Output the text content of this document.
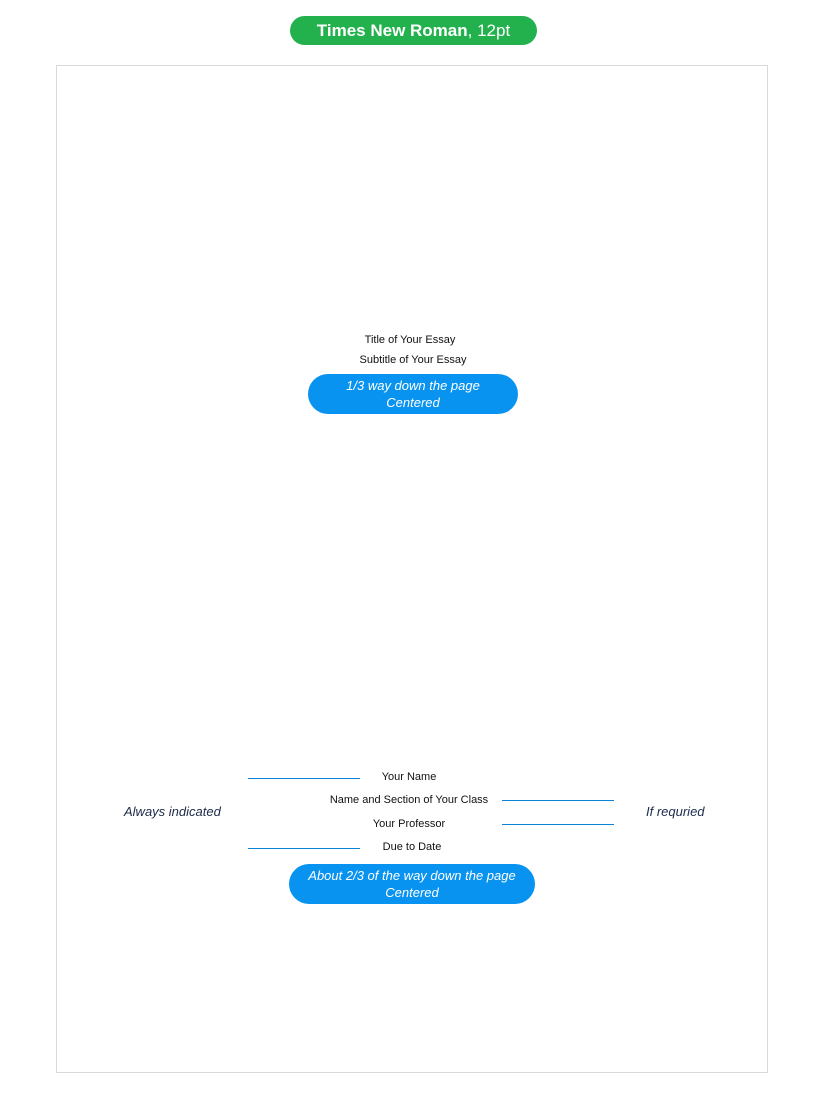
Times New Roman, 12pt
Title of Your Essay
Subtitle of Your Essay
1/3 way down the page
Centered
Your Name
Name and Section of Your Class
Your Professor
Due to Date
About 2/3 of the way down the page
Centered
Always indicated	If requried
